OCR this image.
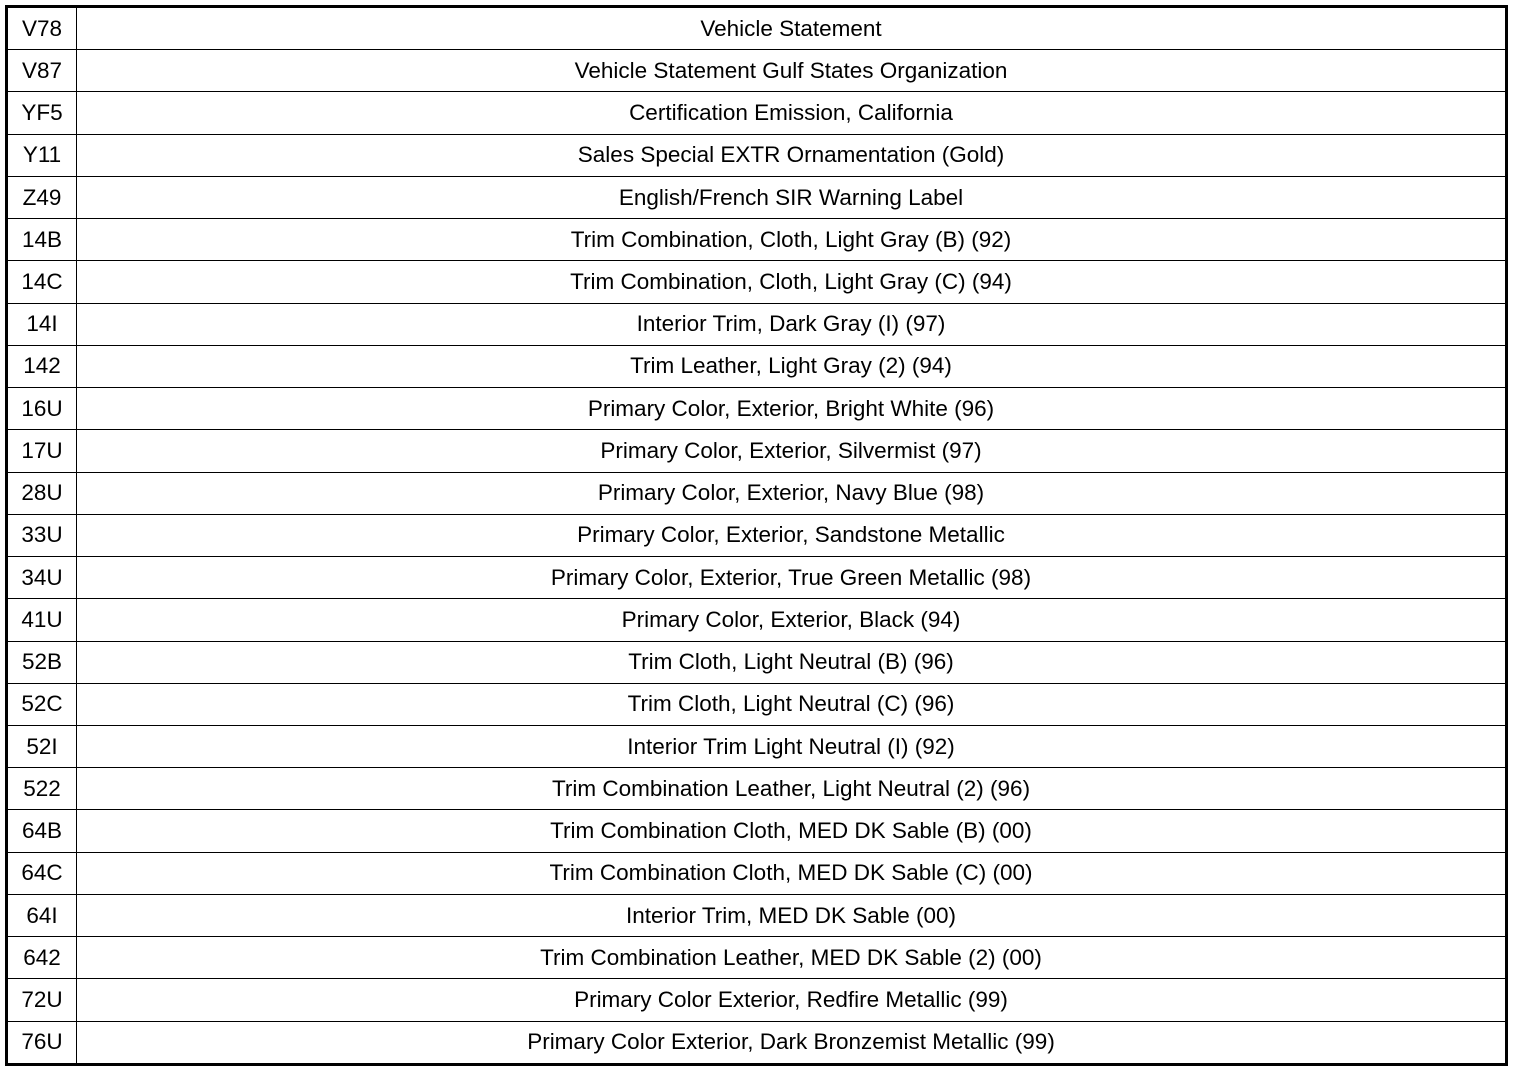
V78	Vehicle Statement
V87	Vehicle Statement Gulf States Organization
YF5	Certification Emission, California
Y11	Sales Special EXTR Ornamentation (Gold)
Z49	English/French SIR Warning Label
14B	Trim Combination, Cloth, Light Gray (B) (92)
14C	Trim Combination, Cloth, Light Gray (C) (94)
14I	Interior Trim, Dark Gray (I) (97)
142	Trim Leather, Light Gray (2) (94)
16U	Primary Color, Exterior, Bright White (96)
17U	Primary Color, Exterior, Silvermist (97)
28U	Primary Color, Exterior, Navy Blue (98)
33U	Primary Color, Exterior, Sandstone Metallic
34U	Primary Color, Exterior, True Green Metallic (98)
41U	Primary Color, Exterior, Black (94)
52B	Trim Cloth, Light Neutral (B) (96)
52C	Trim Cloth, Light Neutral (C) (96)
52I	Interior Trim Light Neutral (I) (92)
522	Trim Combination Leather, Light Neutral (2) (96)
64B	Trim Combination Cloth, MED DK Sable (B) (00)
64C	Trim Combination Cloth, MED DK Sable (C) (00)
64I	Interior Trim, MED DK Sable (00)
642	Trim Combination Leather, MED DK Sable (2) (00)
72U	Primary Color Exterior, Redfire Metallic (99)
76U	Primary Color Exterior, Dark Bronzemist Metallic (99)
